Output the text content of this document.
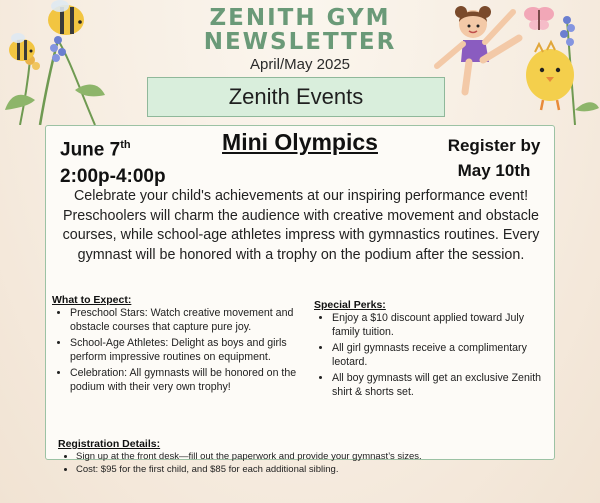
ZENITH GYM
NEWSLETTER
April/May 2025
Zenith Events
June 7th
2:00p-4:00p
Mini Olympics	Register by
May 10th
Celebrate your child's achievements at our inspiring performance event! Preschoolers will charm the audience with creative movement and obstacle courses, while school-age athletes impress with gymnastics routines. Every gymnast will be honored with a trophy on the podium after the session.
What to Expect:
• Preschool Stars: Watch creative movement and obstacle courses that capture pure joy.
• School-Age Athletes: Delight as boys and girls perform impressive routines on equipment.
• Celebration: All gymnasts will be honored on the podium with their very own trophy!
Special Perks:
• Enjoy a $10 discount applied toward July family tuition.
• All girl gymnasts receive a complimentary leotard.
• All boy gymnasts will get an exclusive Zenith shirt & shorts set.
Registration Details:
• Sign up at the front desk—fill out the paperwork and provide your gymnast’s sizes.
• Cost: $95 for the first child, and $85 for each additional sibling.
